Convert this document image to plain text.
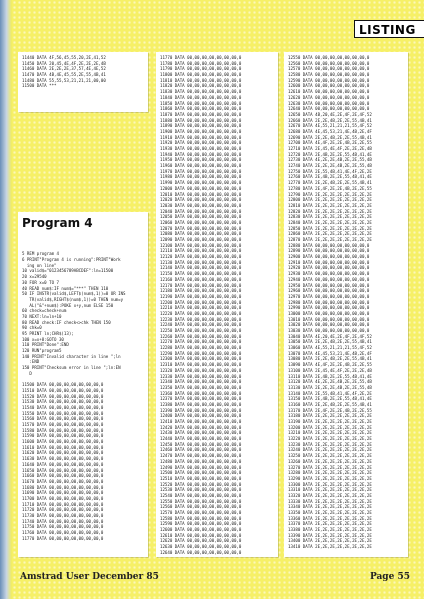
LISTING
11440 DATA 4F,56,45,55,20,2E,41,52
11450 DATA 20,45,4E,4F,2E,2E,2E,4B
11460 DATA 2E,2E,2E,37,57,4E,4E,52
11470 DATA 4B,4E,45,55,2E,55,4B,41
11480 DATA 55,55,53,21,21,21,00,00
11500 DATA ***

5 REM program 4
6 PRINT"Program 4 is running":PRINT"Work
ing on line"
10 valid$="0123456789ABCDEF":ln=11500
20 x=29540
30 FOR x=0 TO 7
40 READ num$:IF num$="***" THEN 110
50 IF INSTR(valid$,LEFT$(num$,1))=0 OR INS
TR(valid$,RIGHT$(num$,1))=0 THEN num=y
AL("&"+num$):POKE x+y,num ELSE 150
60 check=check+num
70 NEXT:ln=ln+10
80 READ check:IF check<>chk THEN 150
90 chk=0
95 PRINT ln;CHR$(13);
100 x=x+8:GOTO 30
110 PRINT"Done":END
120 RUN"program5
140 PRINT"Invalid character in line ";ln
:END
150 PRINT"Checksum error in line ";ln:EN
D
11500 DATA 00,00,00,00,00,00,00,0
11510 DATA 00,00,00,00,00,00,00,0
11520 DATA 00,00,00,00,00,00,00,0
11530 DATA 00,00,00,00,00,00,00,0
11540 DATA 00,00,00,00,00,00,00,0
11550 DATA 00,00,00,00,00,00,00,0
11560 DATA 00,00,00,00,00,00,00,0
11570 DATA 00,00,00,00,00,00,00,0
11580 DATA 00,00,00,00,00,00,00,0
11590 DATA 00,00,00,00,00,00,00,0
11600 DATA 00,00,00,00,00,00,00,0
11610 DATA 00,00,00,00,00,00,00,0
11620 DATA 00,00,00,00,00,00,00,0
11630 DATA 00,00,00,00,00,00,00,0
11640 DATA 00,00,00,00,00,00,00,0
11650 DATA 00,00,00,00,00,00,00,0
11660 DATA 00,00,00,00,00,00,00,0
11670 DATA 00,00,00,00,00,00,00,0
11680 DATA 00,00,00,00,00,00,00,0
11690 DATA 00,00,00,00,00,00,00,0
11700 DATA 00,00,00,00,00,00,00,0
11710 DATA 00,00,00,00,00,00,00,0
11720 DATA 00,00,00,00,00,00,00,0
11730 DATA 00,00,00,00,00,00,00,0
11740 DATA 00,00,00,00,00,00,00,0
11750 DATA 00,00,00,00,00,00,00,0
11760 DATA 00,00,00,00,00,00,00,0
11770 DATA 00,00,00,00,00,00,00,0

Program 4
11770 DATA 00,00,00,00,00,00,00,0
11780 DATA 00,00,00,00,00,00,00,0
11790 DATA 00,00,00,00,00,00,00,0
11800 DATA 00,00,00,00,00,00,00,0
11810 DATA 00,00,00,00,00,00,00,0
11820 DATA 00,00,00,00,00,00,00,0
11830 DATA 00,00,00,00,00,00,00,0
11840 DATA 00,00,00,00,00,00,00,0
11850 DATA 00,00,00,00,00,00,00,0
11860 DATA 00,00,00,00,00,00,00,0
11870 DATA 00,00,00,00,00,00,00,0
11880 DATA 00,00,00,00,00,00,00,0
11890 DATA 00,00,00,00,00,00,00,0
11900 DATA 00,00,00,00,00,00,00,0
11910 DATA 00,00,00,00,00,00,00,0
11920 DATA 00,00,00,00,00,00,00,0
11930 DATA 00,00,00,00,00,00,00,0
11940 DATA 00,00,00,00,00,00,00,0
11950 DATA 00,00,00,00,00,00,00,0
11960 DATA 00,00,00,00,00,00,00,0
11970 DATA 00,00,00,00,00,00,00,0
11980 DATA 00,00,00,00,00,00,00,0
11990 DATA 00,00,00,00,00,00,00,0
12000 DATA 00,00,00,00,00,00,00,0
12010 DATA 00,00,00,00,00,00,00,0
12020 DATA 00,00,00,00,00,00,00,0
12030 DATA 00,00,00,00,00,00,00,0
12040 DATA 00,00,00,00,00,00,00,0
12050 DATA 00,00,00,00,00,00,00,0
12060 DATA 00,00,00,00,00,00,00,0
12070 DATA 00,00,00,00,00,00,00,0
12080 DATA 00,00,00,00,00,00,00,0
12090 DATA 00,00,00,00,00,00,00,0
12100 DATA 00,00,00,00,00,00,00,0
12110 DATA 00,00,00,00,00,00,00,0
12120 DATA 00,00,00,00,00,00,00,0
12130 DATA 00,00,00,00,00,00,00,0
12140 DATA 00,00,00,00,00,00,00,0
12150 DATA 00,00,00,00,00,00,00,0
12160 DATA 00,00,00,00,00,00,00,0
12170 DATA 00,00,00,00,00,00,00,0
12180 DATA 00,00,00,00,00,00,00,0
12190 DATA 00,00,00,00,00,00,00,0
12200 DATA 00,00,00,00,00,00,00,0
12210 DATA 00,00,00,00,00,00,00,0
12220 DATA 00,00,00,00,00,00,00,0
12230 DATA 00,00,00,00,00,00,00,0
12240 DATA 00,00,00,00,00,00,00,0
12250 DATA 00,00,00,00,00,00,00,0
12260 DATA 00,00,00,00,00,00,00,0
12270 DATA 00,00,00,00,00,00,00,0
12280 DATA 00,00,00,00,00,00,00,0
12290 DATA 00,00,00,00,00,00,00,0
12300 DATA 00,00,00,00,00,00,00,0
12310 DATA 00,00,00,00,00,00,00,0
12320 DATA 00,00,00,00,00,00,00,0
12330 DATA 00,00,00,00,00,00,00,0
12340 DATA 00,00,00,00,00,00,00,0
12350 DATA 00,00,00,00,00,00,00,0
12360 DATA 00,00,00,00,00,00,00,0
12370 DATA 00,00,00,00,00,00,00,0
12380 DATA 00,00,00,00,00,00,00,0
12390 DATA 00,00,00,00,00,00,00,0
12400 DATA 00,00,00,00,00,00,00,0
12410 DATA 00,00,00,00,00,00,00,0
12420 DATA 00,00,00,00,00,00,00,0
12430 DATA 00,00,00,00,00,00,00,0
12440 DATA 00,00,00,00,00,00,00,0
12450 DATA 00,00,00,00,00,00,00,0
12460 DATA 00,00,00,00,00,00,00,0
12470 DATA 00,00,00,00,00,00,00,0
12480 DATA 00,00,00,00,00,00,00,0
12490 DATA 00,00,00,00,00,00,00,0
12500 DATA 00,00,00,00,00,00,00,0
12510 DATA 00,00,00,00,00,00,00,0
12520 DATA 00,00,00,00,00,00,00,0
12530 DATA 00,00,00,00,00,00,00,0
12540 DATA 00,00,00,00,00,00,00,0
12550 DATA 00,00,00,00,00,00,00,0
12560 DATA 00,00,00,00,00,00,00,0
12570 DATA 00,00,00,00,00,00,00,0
12580 DATA 00,00,00,00,00,00,00,0
12590 DATA 00,00,00,00,00,00,00,0
12600 DATA 00,00,00,00,00,00,00,0
12610 DATA 00,00,00,00,00,00,00,0
12620 DATA 00,00,00,00,00,00,00,0
12630 DATA 00,00,00,00,00,00,00,0
12640 DATA 00,00,00,00,00,00,00,0
12550 DATA 00,00,00,00,00,00,00,0
12560 DATA 00,00,00,00,00,00,00,0
12570 DATA 00,00,00,00,00,00,00,0
12580 DATA 00,00,00,00,00,00,00,0
12590 DATA 00,00,00,00,00,00,00,0
12600 DATA 00,00,00,00,00,00,00,0
12610 DATA 00,00,00,00,00,00,00,0
12620 DATA 00,00,00,00,00,00,00,0
12630 DATA 00,00,00,00,00,00,00,0
12640 DATA 00,00,00,00,00,00,00,0
12650 DATA 4B,20,4E,2E,4F,2E,4F,52
12660 DATA 2E,2E,4B,2E,2E,55,4B,41
12670 DATA 4E,55,21,21,21,55,4F,52
12680 DATA 4E,45,53,21,4E,4B,2E,4F
12690 DATA 2E,2E,4B,2E,2E,55,4B,41
12700 DATA 4E,4F,2E,2E,4B,2E,2E,55
12710 DATA 2E,45,4E,4F,2E,2E,2E,4B
12720 DATA 2E,4B,2E,2E,55,4B,41,4E
12730 DATA 4E,2E,2E,4B,2E,2E,55,4B
12740 DATA 2E,2E,2E,4B,2E,2E,55,4B
12750 DATA 2E,55,4B,41,4E,4F,2E,2E
12760 DATA 2E,4B,2E,2E,55,4B,41,4E
12770 DATA 2E,2E,4B,2E,2E,55,4B,41
12780 DATA 2E,4F,2E,2E,4B,2E,2E,55
12790 DATA 2E,2E,2E,2E,2E,2E,2E,2E
12800 DATA 2E,2E,2E,2E,2E,2E,2E,2E
12810 DATA 2E,2E,2E,2E,2E,2E,2E,2E
12820 DATA 2E,2E,2E,2E,2E,2E,2E,2E
12830 DATA 2E,2E,2E,2E,2E,2E,2E,2E
12840 DATA 2E,2E,2E,2E,2E,2E,2E,2E
12850 DATA 2E,2E,2E,2E,2E,2E,2E,2E
12860 DATA 2E,2E,2E,2E,2E,2E,2E,2E
12870 DATA 2E,2E,2E,2E,2E,2E,2E,2E
12880 DATA 00,00,00,00,00,00,00,0
12890 DATA 00,00,00,00,00,00,00,0
12900 DATA 00,00,00,00,00,00,00,0
12910 DATA 00,00,00,00,00,00,00,0
12920 DATA 00,00,00,00,00,00,00,0
12930 DATA 00,00,00,00,00,00,00,0
12940 DATA 00,00,00,00,00,00,00,0
12950 DATA 00,00,00,00,00,00,00,0
12960 DATA 00,00,00,00,00,00,00,0
12970 DATA 00,00,00,00,00,00,00,0
12980 DATA 00,00,00,00,00,00,00,0
12990 DATA 00,00,00,00,00,00,00,0
13000 DATA 00,00,00,00,00,00,00,0
13010 DATA 00,00,00,00,00,00,00,0
13020 DATA 00,00,00,00,00,00,00,0
13030 DATA 00,00,00,00,00,00,00,0
13040 DATA 4E,20,4E,2E,4F,2E,4F,52
13050 DATA 2E,2E,4B,2E,2E,55,4B,41
13060 DATA 4E,55,21,21,21,55,4F,52
13070 DATA 4E,45,53,21,4E,4B,2E,4F
13080 DATA 2E,2E,4B,2E,2E,55,4B,41
13090 DATA 4E,4F,2E,2E,4B,2E,2E,55
13100 DATA 2E,45,4E,4F,2E,2E,2E,4B
13110 DATA 2E,4B,2E,2E,55,4B,41,4E
13120 DATA 4E,2E,2E,4B,2E,2E,55,4B
13130 DATA 2E,2E,2E,4B,2E,2E,55,4B
13140 DATA 2E,55,4B,41,4E,4F,2E,2E
13150 DATA 2E,4B,2E,2E,55,4B,41,4E
13160 DATA 2E,2E,4B,2E,2E,55,4B,41
13170 DATA 2E,4F,2E,2E,4B,2E,2E,55
13180 DATA 2E,2E,2E,2E,2E,2E,2E,2E
13190 DATA 2E,2E,2E,2E,2E,2E,2E,2E
13200 DATA 2E,2E,2E,2E,2E,2E,2E,2E
13210 DATA 2E,2E,2E,2E,2E,2E,2E,2E
13220 DATA 2E,2E,2E,2E,2E,2E,2E,2E
13230 DATA 2E,2E,2E,2E,2E,2E,2E,2E
13240 DATA 2E,2E,2E,2E,2E,2E,2E,2E
13250 DATA 2E,2E,2E,2E,2E,2E,2E,2E
13260 DATA 2E,2E,2E,2E,2E,2E,2E,2E
13270 DATA 2E,2E,2E,2E,2E,2E,2E,2E
13280 DATA 2E,2E,2E,2E,2E,2E,2E,2E
13290 DATA 2E,2E,2E,2E,2E,2E,2E,2E
13300 DATA 2E,2E,2E,2E,2E,2E,2E,2E
13310 DATA 2E,2E,2E,2E,2E,2E,2E,2E
13320 DATA 2E,2E,2E,2E,2E,2E,2E,2E
13330 DATA 2E,2E,2E,2E,2E,2E,2E,2E
13340 DATA 2E,2E,2E,2E,2E,2E,2E,2E
13350 DATA 2E,2E,2E,2E,2E,2E,2E,2E
13360 DATA 2E,2E,2E,2E,2E,2E,2E,2E
13370 DATA 2E,2E,2E,2E,2E,2E,2E,2E
13380 DATA 2E,2E,2E,2E,2E,2E,2E,2E
13390 DATA 2E,2E,2E,2E,2E,2E,2E,2E
13400 DATA 2E,2E,2E,2E,2E,2E,2E,2E
13410 DATA 2E,2E,2E,2E,2E,2E,2E,2E
Amstrad User December 85	Page 55
